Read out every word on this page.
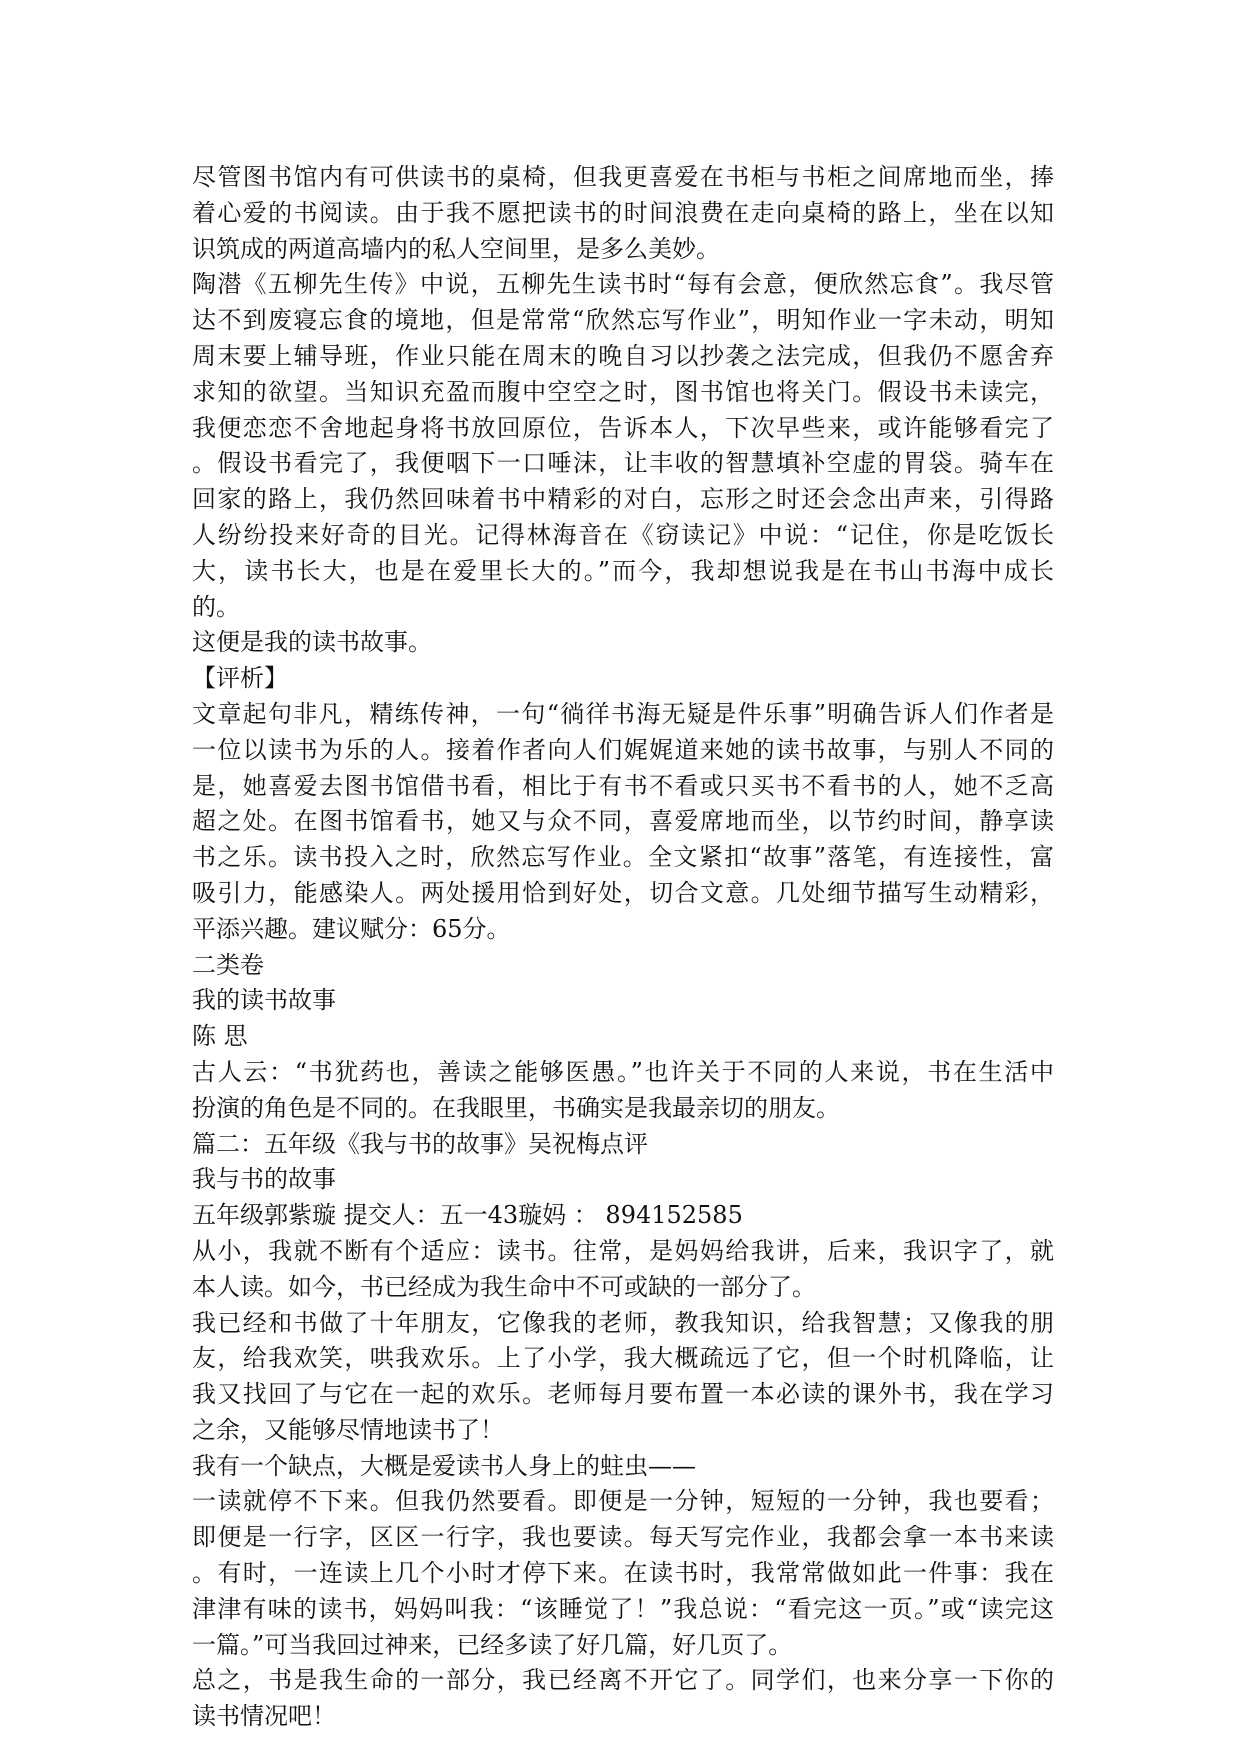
尽管图书馆内有可供读书的桌椅，但我更喜爱在书柜与书柜之间席地而坐，捧
着心爱的书阅读。由于我不愿把读书的时间浪费在走向桌椅的路上，坐在以知
识筑成的两道高墙内的私人空间里，是多么美妙。
陶潜《五柳先生传》中说，五柳先生读书时“每有会意，便欣然忘食”。我尽管
达不到废寝忘食的境地，但是常常“欣然忘写作业”，明知作业一字未动，明知
周末要上辅导班，作业只能在周末的晚自习以抄袭之法完成，但我仍不愿舍弃
求知的欲望。当知识充盈而腹中空空之时，图书馆也将关门。假设书未读完，
我便恋恋不舍地起身将书放回原位，告诉本人，下次早些来，或许能够看完了
。假设书看完了，我便咽下一口唾沫，让丰收的智慧填补空虚的胃袋。骑车在
回家的路上，我仍然回味着书中精彩的对白，忘形之时还会念出声来，引得路
人纷纷投来好奇的目光。记得林海音在《窃读记》中说：“记住，你是吃饭长
大，读书长大，也是在爱里长大的。”而今，我却想说我是在书山书海中成长
的。
这便是我的读书故事。
【评析】
文章起句非凡，精练传神，一句“徜徉书海无疑是件乐事”明确告诉人们作者是
一位以读书为乐的人。接着作者向人们娓娓道来她的读书故事，与别人不同的
是，她喜爱去图书馆借书看，相比于有书不看或只买书不看书的人，她不乏高
超之处。在图书馆看书，她又与众不同，喜爱席地而坐，以节约时间，静享读
书之乐。读书投入之时，欣然忘写作业。全文紧扣“故事”落笔，有连接性，富
吸引力，能感染人。两处援用恰到好处，切合文意。几处细节描写生动精彩，
平添兴趣。建议赋分：65分。
二类卷
我的读书故事
陈 思
古人云：“书犹药也，善读之能够医愚。”也许关于不同的人来说，书在生活中
扮演的角色是不同的。在我眼里，书确实是我最亲切的朋友。
篇二：五年级《我与书的故事》吴祝梅点评
我与书的故事
五年级郭紫璇 提交人：五一43璇妈 ： 894152585
从小，我就不断有个适应：读书。往常，是妈妈给我讲，后来，我识字了，就
本人读。如今，书已经成为我生命中不可或缺的一部分了。
我已经和书做了十年朋友，它像我的老师，教我知识，给我智慧；又像我的朋
友，给我欢笑，哄我欢乐。上了小学，我大概疏远了它，但一个时机降临，让
我又找回了与它在一起的欢乐。老师每月要布置一本必读的课外书，我在学习
之余，又能够尽情地读书了！
我有一个缺点，大概是爱读书人身上的蛀虫——
一读就停不下来。但我仍然要看。即便是一分钟，短短的一分钟，我也要看；
即便是一行字，区区一行字，我也要读。每天写完作业，我都会拿一本书来读
。有时，一连读上几个小时才停下来。在读书时，我常常做如此一件事：我在
津津有味的读书，妈妈叫我：“该睡觉了！”我总说：“看完这一页。”或“读完这
一篇。”可当我回过神来，已经多读了好几篇，好几页了。
总之，书是我生命的一部分，我已经离不开它了。同学们，也来分享一下你的
读书情况吧！
